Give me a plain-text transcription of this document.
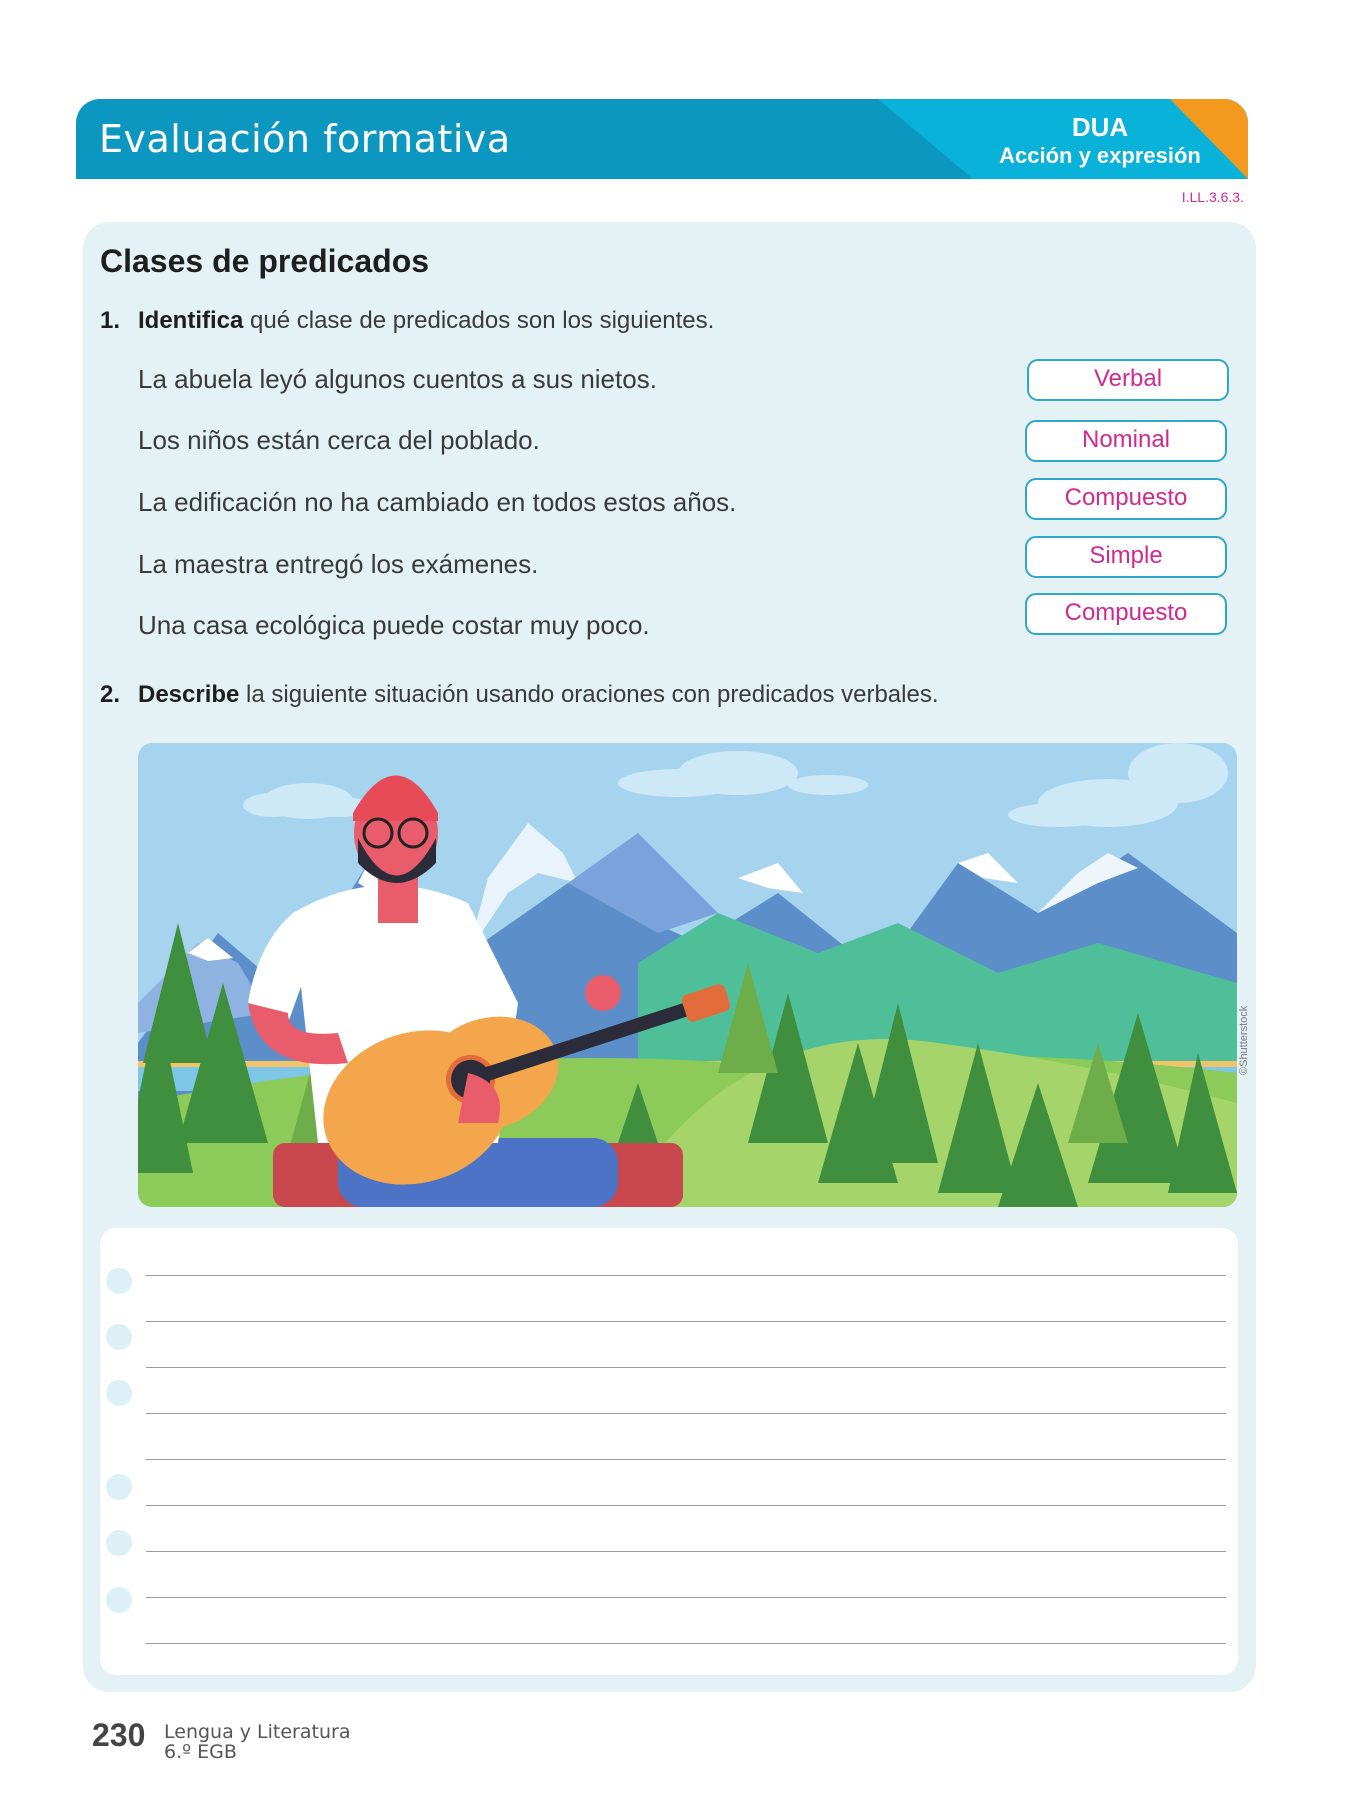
Evaluación formativa	DUA
Acción y expresión
I.LL.3.6.3.
Clases de predicados
1. Identifica qué clase de predicados son los siguientes.
La abuela leyó algunos cuentos a sus nietos.
Los niños están cerca del poblado.
La edificación no ha cambiado en todos estos años.
La maestra entregó los exámenes.
Una casa ecológica puede costar muy poco.
Verbal
Nominal
Compuesto
Simple
Compuesto
2. Describe la siguiente situación usando oraciones con predicados verbales.
©Shutterstock
230 Lengua y Literatura
6.º EGB
